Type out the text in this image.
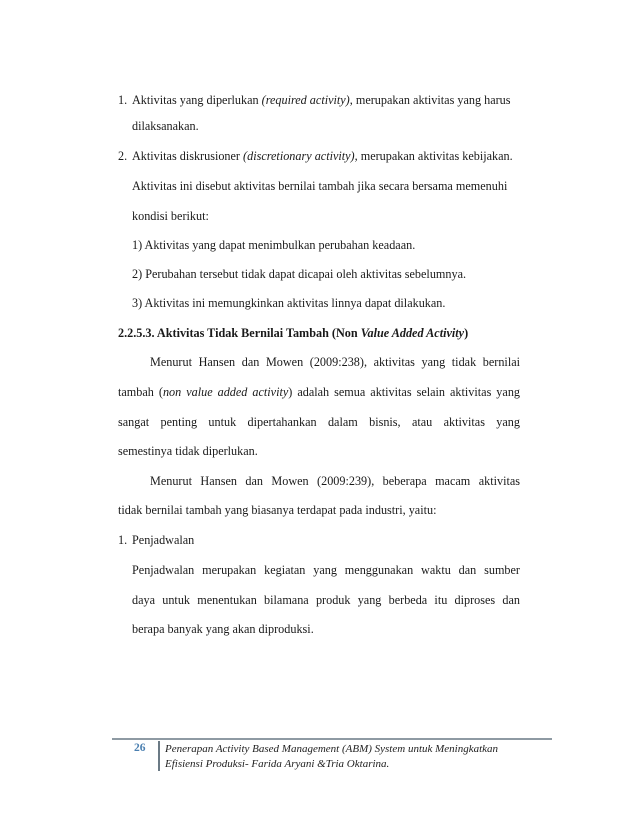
1. Aktivitas yang diperlukan (required activity), merupakan aktivitas yang harus
dilaksanakan.
2. Aktivitas diskrusioner (discretionary activity), merupakan aktivitas kebijakan.
Aktivitas ini disebut aktivitas bernilai tambah jika secara bersama memenuhi
kondisi berikut:
1) Aktivitas yang dapat menimbulkan perubahan keadaan.
2) Perubahan tersebut tidak dapat dicapai oleh aktivitas sebelumnya.
3) Aktivitas ini memungkinkan aktivitas linnya dapat dilakukan.
2.2.5.3. Aktivitas Tidak Bernilai Tambah (Non Value Added Activity)
Menurut Hansen dan Mowen (2009:238), aktivitas yang tidak bernilai
tambah (non value added activity) adalah semua aktivitas selain aktivitas yang
sangat penting untuk dipertahankan dalam bisnis, atau aktivitas yang
semestinya tidak diperlukan.
Menurut Hansen dan Mowen (2009:239), beberapa macam aktivitas
tidak bernilai tambah yang biasanya terdapat pada industri, yaitu:
1. Penjadwalan
Penjadwalan merupakan kegiatan yang menggunakan waktu dan sumber
daya untuk menentukan bilamana produk yang berbeda itu diproses dan
berapa banyak yang akan diproduksi.
26 Penerapan Activity Based Management (ABM) System untuk Meningkatkan
Efisiensi Produksi- Farida Aryani &Tria Oktarina.
